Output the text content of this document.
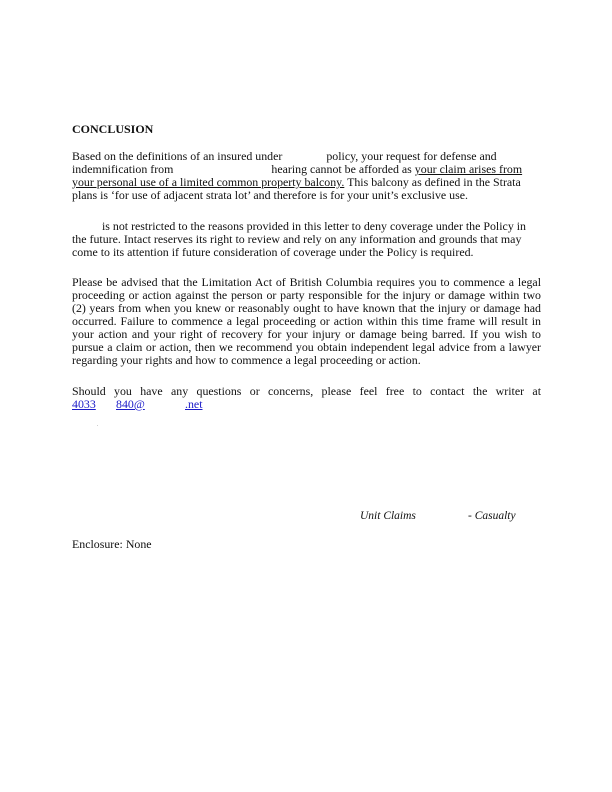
CONCLUSION
Based on the definitions of an insured under	policy, your request for defense and
indemnification from	hearing cannot be afforded as your claim arises from
your personal use of a limited common property balcony. This balcony as defined in the Strata
plans is ‘for use of adjacent strata lot’ and therefore is for your unit’s exclusive use.
is not restricted to the reasons provided in this letter to deny coverage under the Policy in
the future. Intact reserves its right to review and rely on any information and grounds that may
come to its attention if future consideration of coverage under the Policy is required.
Please be advised that the Limitation Act of British Columbia requires you to commence a legal
proceeding or action against the person or party responsible for the injury or damage within two
(2) years from when you knew or reasonably ought to have known that the injury or damage had
occurred. Failure to commence a legal proceeding or action within this time frame will result in
your action and your right of recovery for your injury or damage being barred. If you wish to
pursue a claim or action, then we recommend you obtain independent legal advice from a lawyer
regarding your rights and how to commence a legal proceeding or action.
Should you have any questions or concerns, please feel free to contact the writer at
4033 840@	.net

Unit Claims	- Casualty

Enclosure: None
